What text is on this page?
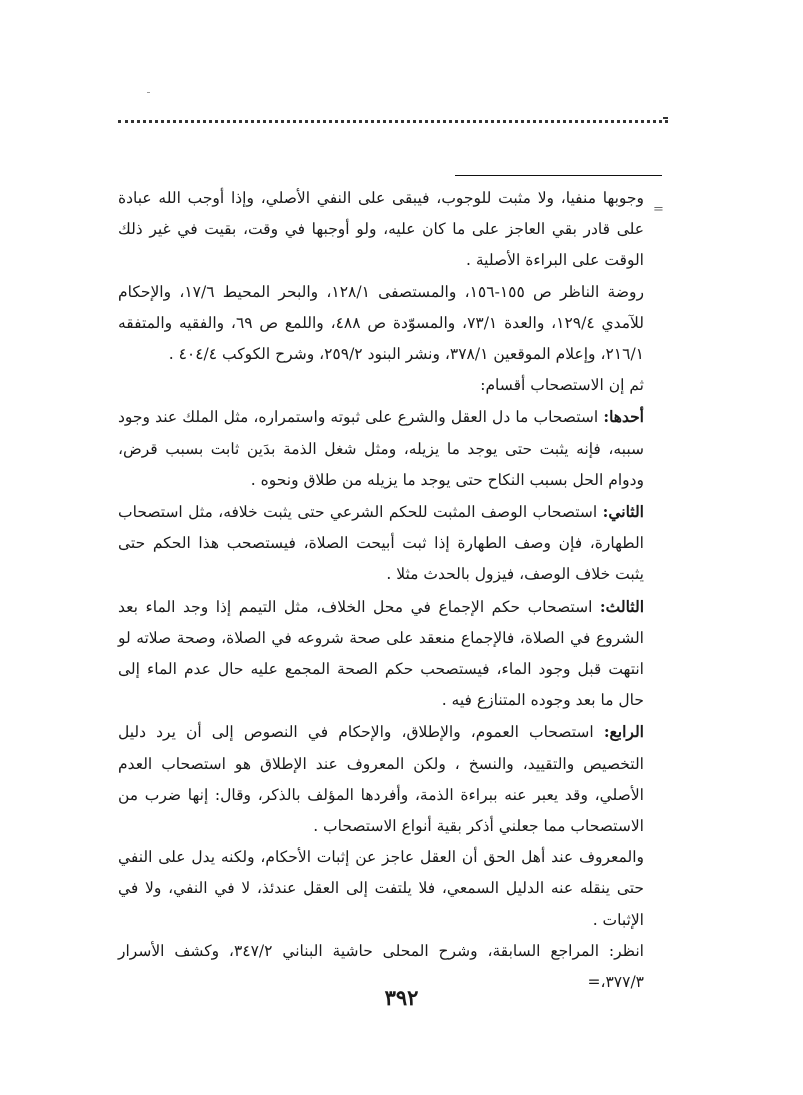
=

وجوبها منفيا، ولا مثبت للوجوب، فيبقى على النفي الأصلي، وإذا أوجب الله عبادة على قادر بقي العاجز على ما كان عليه، ولو أوجبها في وقت، بقيت في غير ذلك الوقت على البراءة الأصلية .

روضة الناظر ص ١٥٥-١٥٦، والمستصفى ١٢٨/١، والبحر المحيط ١٧/٦، والإحكام للآمدي ١٢٩/٤، والعدة ٧٣/١، والمسوّدة ص ٤٨٨، واللمع ص ٦٩، والفقيه والمتفقه ٢١٦/١، وإعلام الموقعين ٣٧٨/١، ونشر البنود ٢٥٩/٢، وشرح الكوكب ٤٠٤/٤ .

ثم إن الاستصحاب أقسام:

أحدها: استصحاب ما دل العقل والشرع على ثبوته واستمراره، مثل الملك عند وجود سببه، فإنه يثبت حتى يوجد ما يزيله، ومثل شغل الذمة بدَين ثابت بسبب قرض، ودوام الحل بسبب النكاح حتى يوجد ما يزيله من طلاق ونحوه .

الثاني: استصحاب الوصف المثبت للحكم الشرعي حتى يثبت خلافه، مثل استصحاب الطهارة، فإن وصف الطهارة إذا ثبت أبيحت الصلاة، فيستصحب هذا الحكم حتى يثبت خلاف الوصف، فيزول بالحدث مثلا .

الثالث: استصحاب حكم الإجماع في محل الخلاف، مثل التيمم إذا وجد الماء بعد الشروع في الصلاة، فالإجماع منعقد على صحة شروعه في الصلاة، وصحة صلاته لو انتهت قبل وجود الماء، فيستصحب حكم الصحة المجمع عليه حال عدم الماء إلى حال ما بعد وجوده المتنازع فيه .

الرابع: استصحاب العموم، والإطلاق، والإحكام في النصوص إلى أن يرد دليل التخصيص والتقييد، والنسخ ، ولكن المعروف عند الإطلاق هو استصحاب العدم الأصلي، وقد يعبر عنه ببراءة الذمة، وأفردها المؤلف بالذكر، وقال: إنها ضرب من الاستصحاب مما جعلني أذكر بقية أنواع الاستصحاب .

والمعروف عند أهل الحق أن العقل عاجز عن إثبات الأحكام، ولكنه يدل على النفي حتى ينقله عنه الدليل السمعي، فلا يلتفت إلى العقل عندئذ، لا في النفي، ولا في الإثبات .

انظر: المراجع السابقة، وشرح المحلى حاشية البناني ٣٤٧/٢، وكشف الأسرار ٣٧٧/٣،=

٣٩٢
